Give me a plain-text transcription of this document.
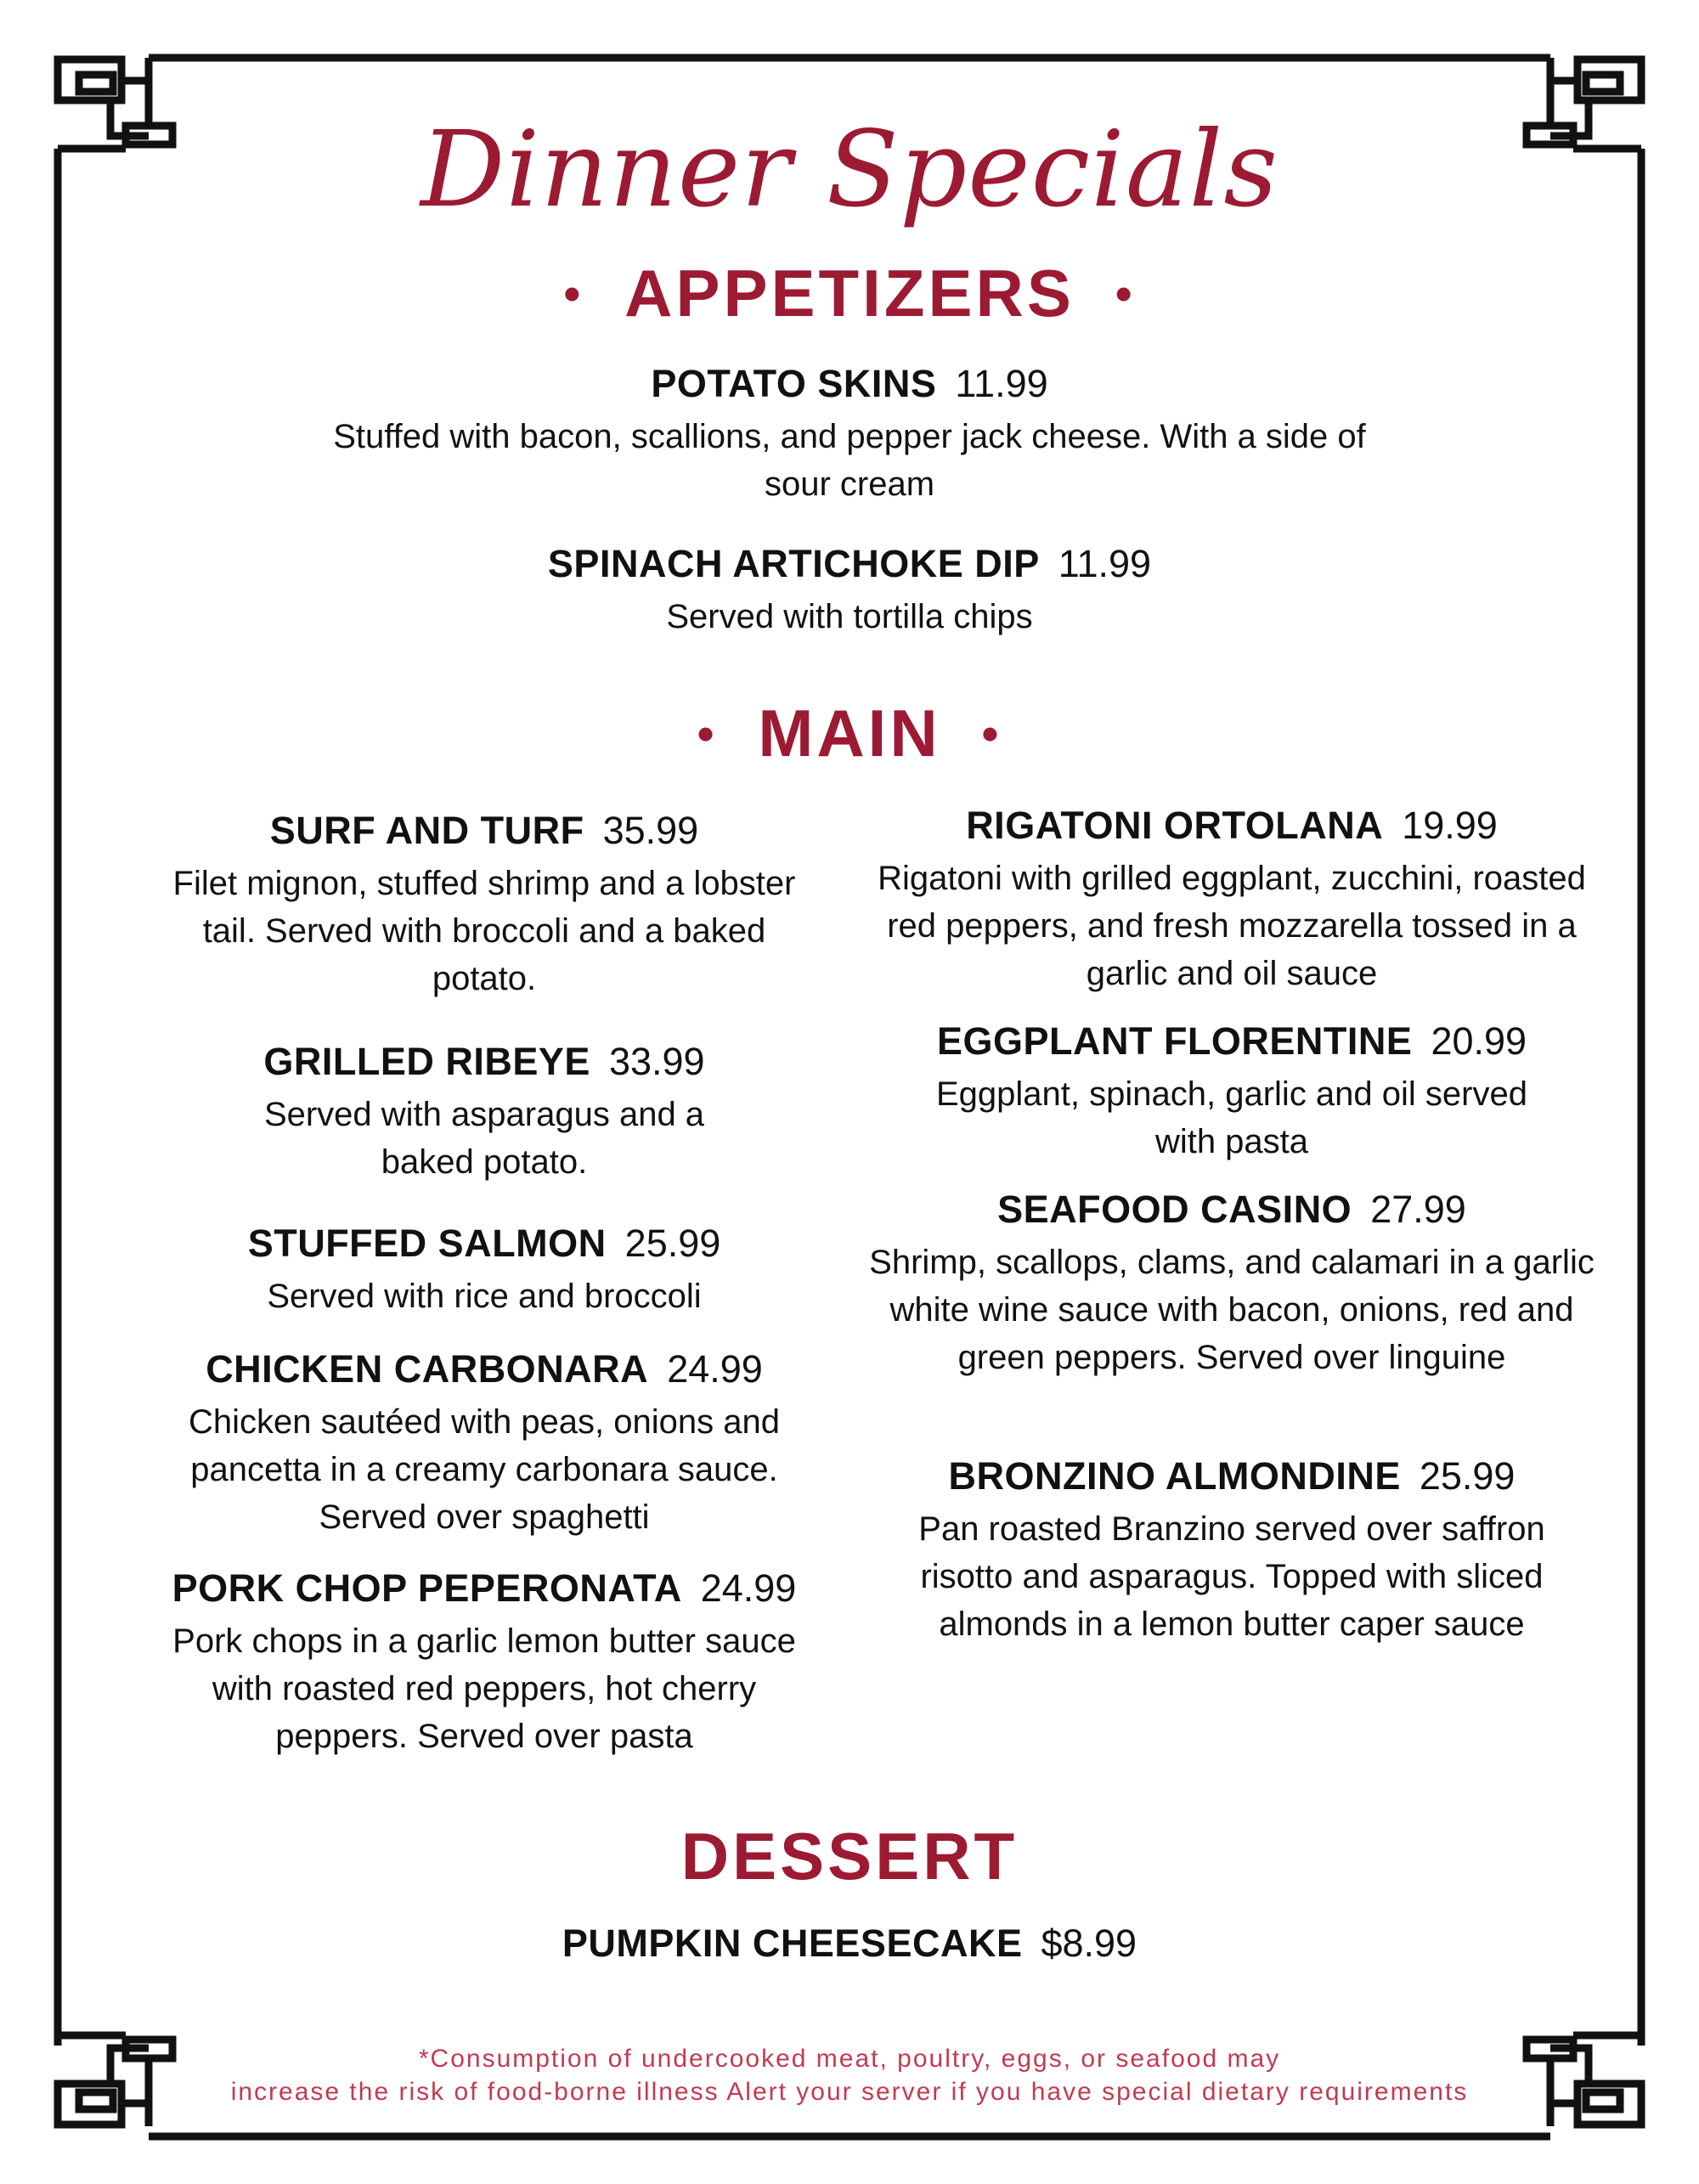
Dinner Specials
• APPETIZERS •
POTATO SKINS 11.99
Stuffed with bacon, scallions, and pepper jack cheese. With a side of sour cream
SPINACH ARTICHOKE DIP 11.99
Served with tortilla chips
• MAIN •
SURF AND TURF 35.99
Filet mignon, stuffed shrimp and a lobster tail. Served with broccoli and a baked potato.
GRILLED RIBEYE 33.99
Served with asparagus and a baked potato.
STUFFED SALMON 25.99
Served with rice and broccoli
CHICKEN CARBONARA 24.99
Chicken sautéed with peas, onions and pancetta in a creamy carbonara sauce. Served over spaghetti
PORK CHOP PEPERONATA 24.99
Pork chops in a garlic lemon butter sauce with roasted red peppers, hot cherry peppers. Served over pasta
RIGATONI ORTOLANA 19.99
Rigatoni with grilled eggplant, zucchini, roasted red peppers, and fresh mozzarella tossed in a garlic and oil sauce
EGGPLANT FLORENTINE 20.99
Eggplant, spinach, garlic and oil served with pasta
SEAFOOD CASINO 27.99
Shrimp, scallops, clams, and calamari in a garlic white wine sauce with bacon, onions, red and green peppers. Served over linguine
BRONZINO ALMONDINE 25.99
Pan roasted Branzino served over saffron risotto and asparagus. Topped with sliced almonds in a lemon butter caper sauce
DESSERT
PUMPKIN CHEESECAKE $8.99
*Consumption of undercooked meat, poultry, eggs, or seafood may
increase the risk of food-borne illness Alert your server if you have special dietary requirements
